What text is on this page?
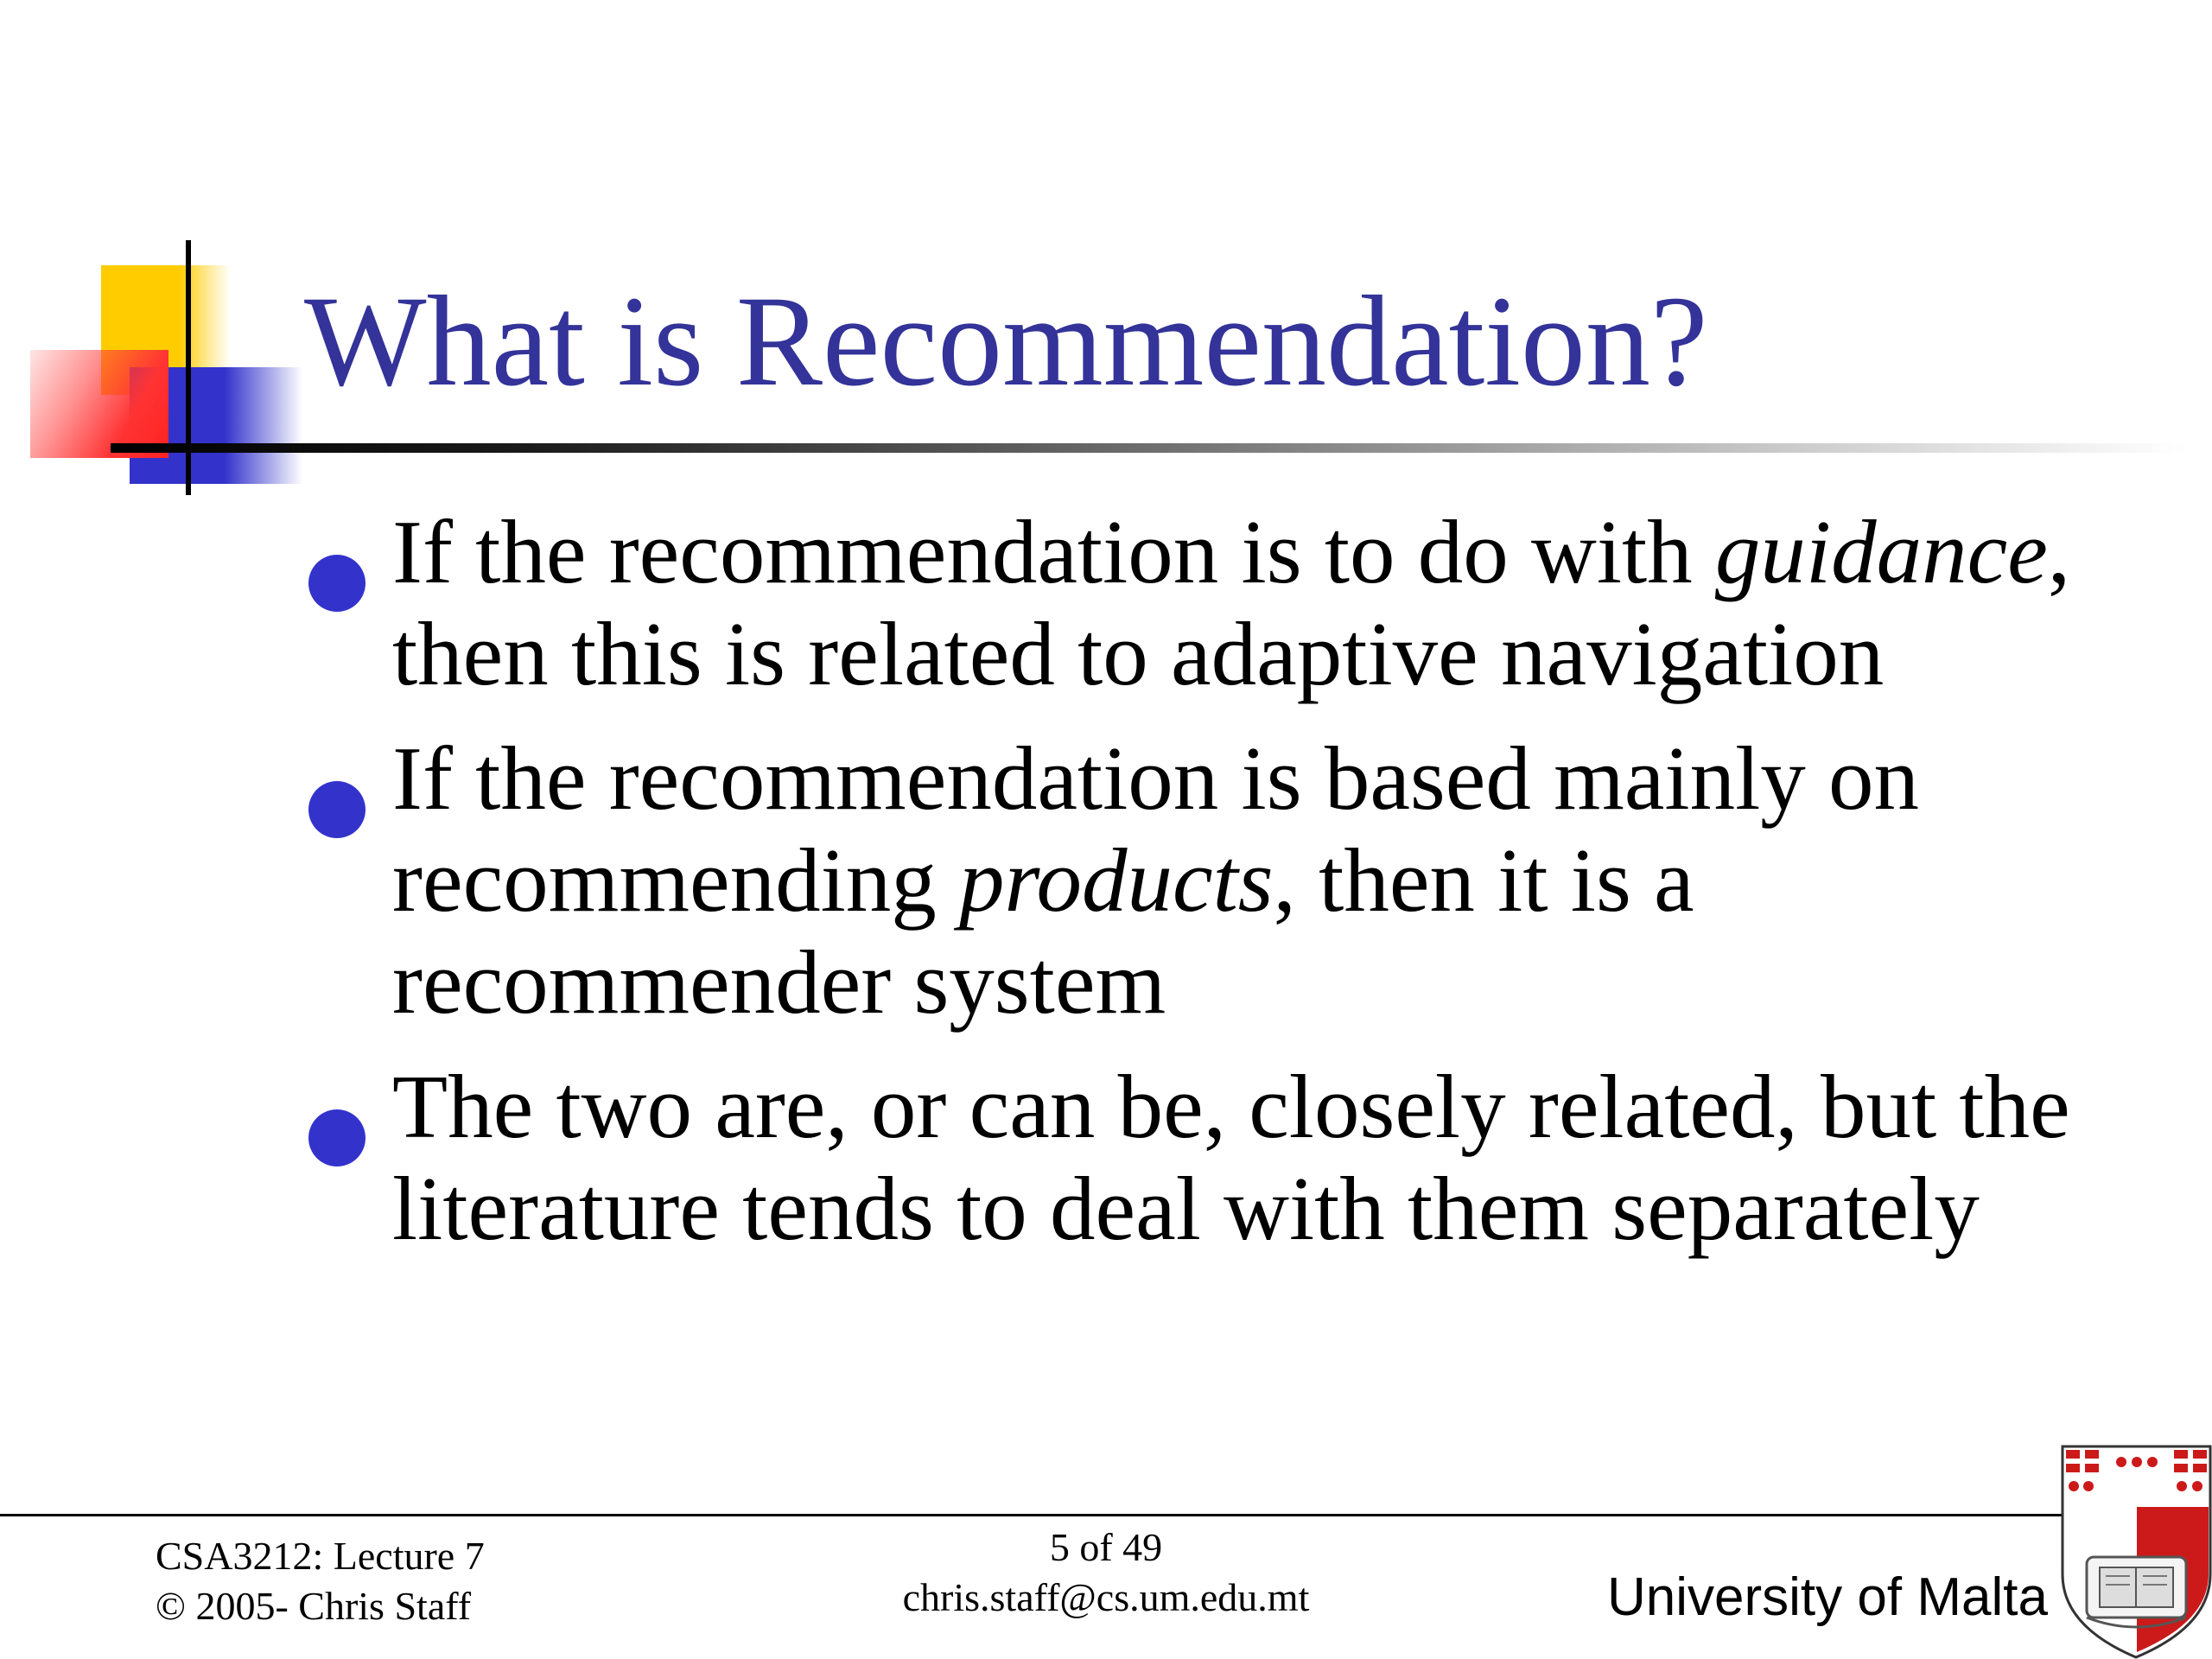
What is Recommendation?
If the recommendation is to do with guidance, then this is related to adaptive navigation
If the recommendation is based mainly on recommending products, then it is a recommender system
The two are, or can be, closely related, but the literature tends to deal with them separately
CSA3212: Lecture 7
© 2005- Chris Staff
5 of 49
chris.staff@cs.um.edu.mt	University of Malta
